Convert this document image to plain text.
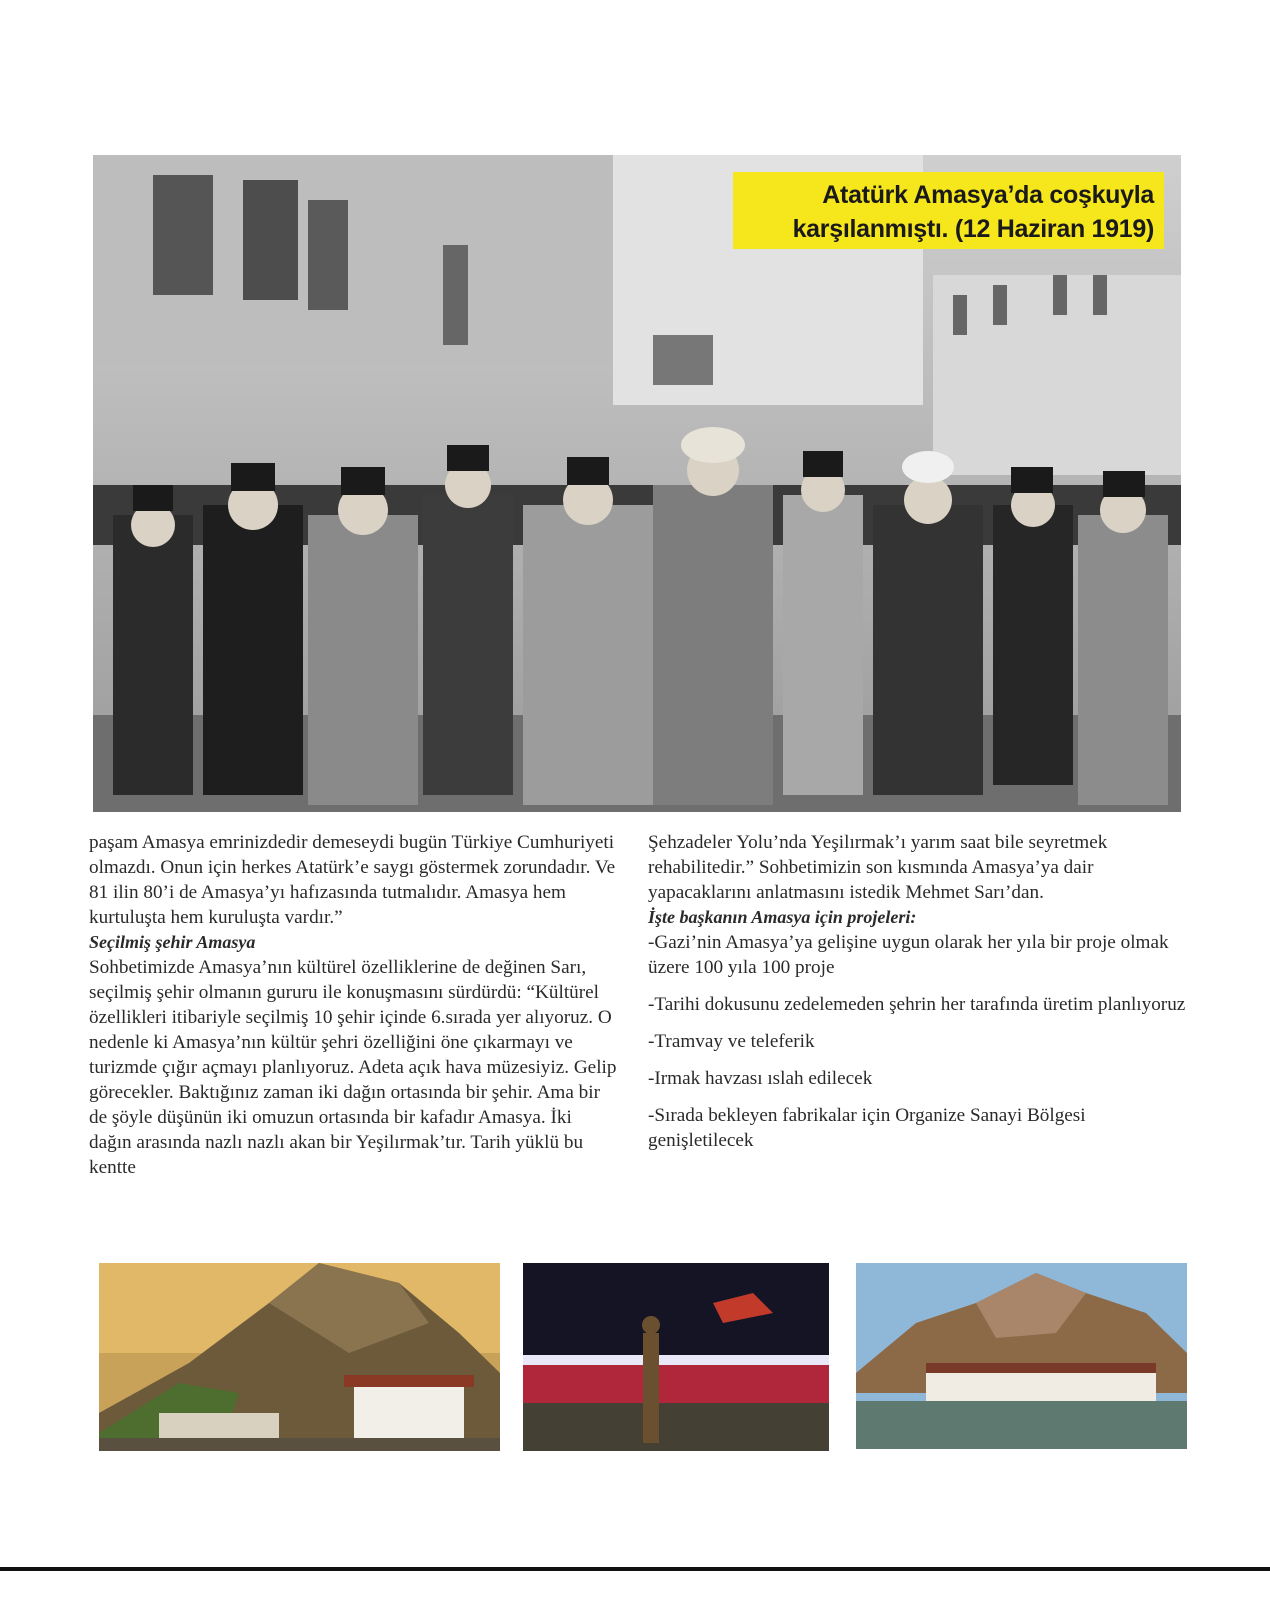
Atatürk Amasya’da coşkuyla
karşılanmıştı. (12 Haziran 1919)

paşam Amasya emrinizdedir demeseydi bugün Türkiye Cumhuriyeti olmazdı. Onun için herkes Atatürk’e saygı göstermek zorundadır. Ve 81 ilin 80’i de Amasya’yı hafızasında tutmalıdır. Amasya hem kurtuluşta hem kuruluşta vardır.”

Seçilmiş şehir Amasya

Sohbetimizde Amasya’nın kültürel özelliklerine de değinen Sarı, seçilmiş şehir olmanın gururu ile konuşmasını sürdürdü: “Kültürel özellikleri itibariyle seçilmiş 10 şehir içinde 6.sırada yer alıyoruz. O nedenle ki Amasya’nın kültür şehri özelliğini öne çıkarmayı ve turizmde çığır açmayı planlıyoruz. Adeta açık hava müzesiyiz. Gelip görecekler. Baktığınız zaman iki dağın ortasında bir şehir. Ama bir de şöyle düşünün iki omuzun ortasında bir kafadır Amasya. İki dağın arasında nazlı nazlı akan bir Yeşilırmak’tır. Tarih yüklü bu kentte

Şehzadeler Yolu’nda Yeşilırmak’ı yarım saat bile seyretmek rehabilitedir.” Sohbetimizin son kısmında Amasya’ya dair yapacaklarını anlatmasını istedik Mehmet Sarı’dan.

İşte başkanın Amasya için projeleri:

-Gazi’nin Amasya’ya gelişine uygun olarak her yıla bir proje olmak üzere 100 yıla 100 proje

-Tarihi dokusunu zedelemeden şehrin her tarafında üretim planlıyoruz

-Tramvay ve teleferik

-Irmak havzası ıslah edilecek

-Sırada bekleyen fabrikalar için Organize Sanayi Bölgesi genişletilecek
